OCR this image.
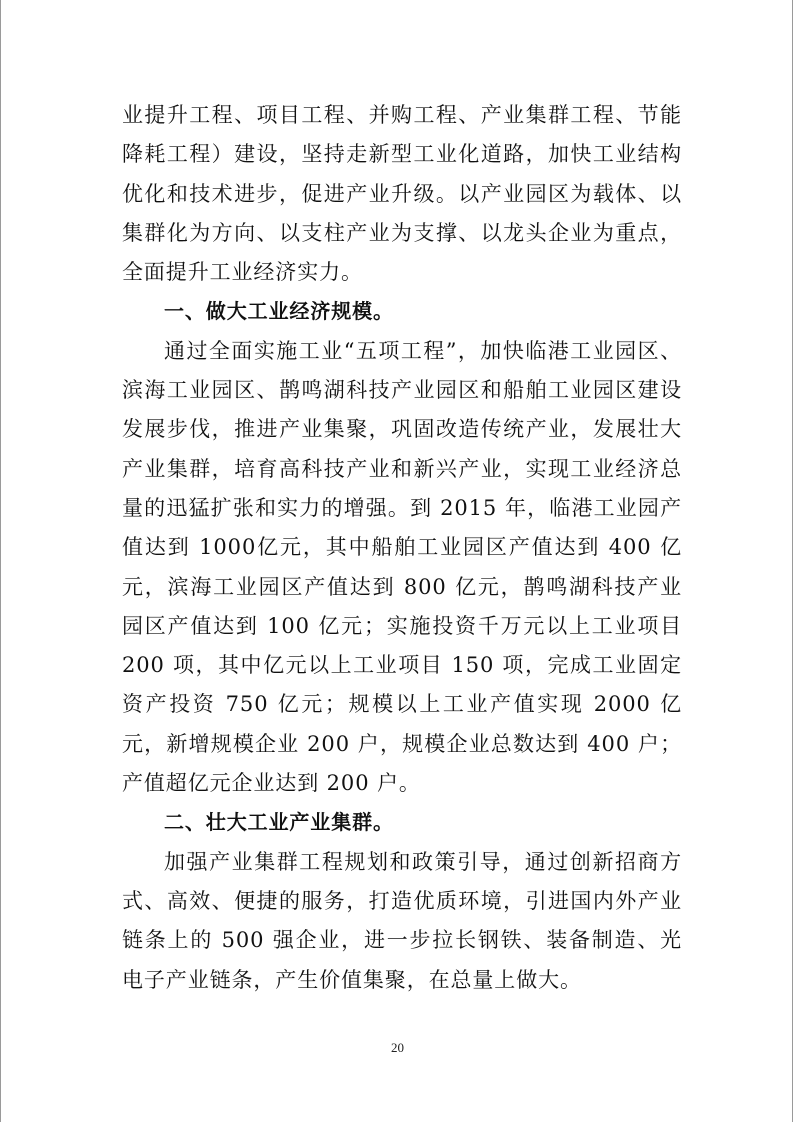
业提升工程、项目工程、并购工程、产业集群工程、节能降耗工程）建设，坚持走新型工业化道路，加快工业结构优化和技术进步，促进产业升级。以产业园区为载体、以集群化为方向、以支柱产业为支撑、以龙头企业为重点，全面提升工业经济实力。

一、做大工业经济规模。

通过全面实施工业“五项工程”，加快临港工业园区、滨海工业园区、鹊鸣湖科技产业园区和船舶工业园区建设发展步伐，推进产业集聚，巩固改造传统产业，发展壮大产业集群，培育高科技产业和新兴产业，实现工业经济总量的迅猛扩张和实力的增强。到 2015 年，临港工业园产值达到 1000亿元，其中船舶工业园区产值达到 400 亿元，滨海工业园区产值达到 800 亿元，鹊鸣湖科技产业园区产值达到 100 亿元；实施投资千万元以上工业项目 200 项，其中亿元以上工业项目 150 项，完成工业固定资产投资 750 亿元；规模以上工业产值实现 2000 亿元，新增规模企业 200 户，规模企业总数达到 400 户；产值超亿元企业达到 200 户。

二、壮大工业产业集群。

加强产业集群工程规划和政策引导，通过创新招商方式、高效、便捷的服务，打造优质环境，引进国内外产业链条上的 500 强企业，进一步拉长钢铁、装备制造、光电子产业链条，产生价值集聚，在总量上做大。

20
